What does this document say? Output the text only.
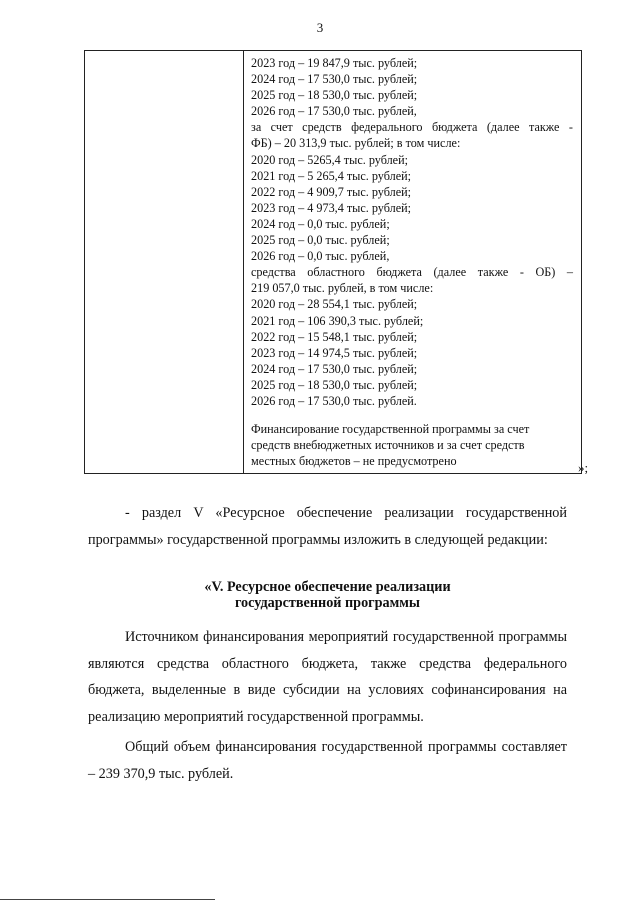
3
2023 год – 19 847,9 тыс. рублей;
2024 год – 17 530,0 тыс. рублей;
2025 год – 18 530,0 тыс. рублей;
2026 год – 17 530,0 тыс. рублей,
за счет средств федерального бюджета (далее также -
ФБ) – 20 313,9 тыс. рублей; в том числе:
2020 год – 5265,4 тыс. рублей;
2021 год – 5 265,4 тыс. рублей;
2022 год – 4 909,7 тыс. рублей;
2023 год – 4 973,4 тыс. рублей;
2024 год – 0,0 тыс. рублей;
2025 год – 0,0 тыс. рублей;
2026 год – 0,0 тыс. рублей,
средства областного бюджета (далее также - ОБ) –
219 057,0 тыс. рублей, в том числе:
2020 год – 28 554,1 тыс. рублей;
2021 год – 106 390,3 тыс. рублей;
2022 год – 15 548,1 тыс. рублей;
2023 год – 14 974,5 тыс. рублей;
2024 год – 17 530,0 тыс. рублей;
2025 год – 18 530,0 тыс. рублей;
2026 год – 17 530,0 тыс. рублей.
Финансирование государственной программы за счет
средств внебюджетных источников и за счет средств
местных бюджетов – не предусмотрено	»;

- раздел V «Ресурсное обеспечение реализации государственной программы» государственной программы изложить в следующей редакции:

«V. Ресурсное обеспечение реализации
государственной программы

Источником финансирования мероприятий государственной программы являются средства областного бюджета, также средства федерального бюджета, выделенные в виде субсидии на условиях софинансирования на реализацию мероприятий государственной программы.

Общий объем финансирования государственной программы составляет – 239 370,9 тыс. рублей.
